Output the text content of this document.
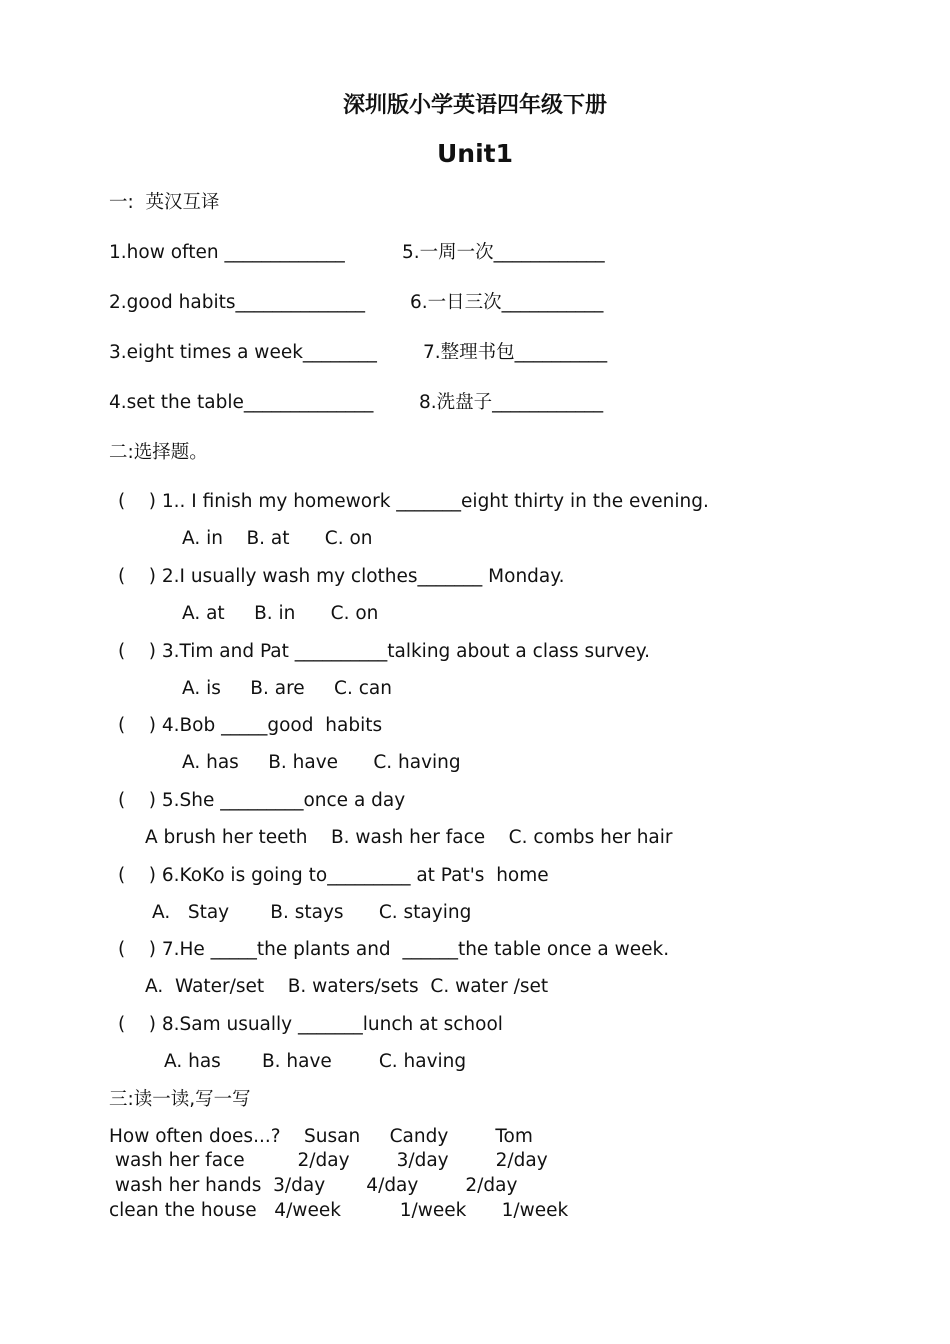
深圳版小学英语四年级下册
Unit1
一:  英汉互译
1.how often _____________	5.一周一次____________
2.good habits______________ 6.一日三次___________
3.eight times a week________ 7.整理书包__________
4.set the table______________ 8.洗盘子____________
二:选择题。
(    ) 1.. I finish my homework _______eight thirty in the evening.
A. in    B. at      C. on
(    ) 2.I usually wash my clothes_______ Monday.
A. at     B. in      C. on
(    ) 3.Tim and Pat __________talking about a class survey.
A. is     B. are     C. can
(    ) 4.Bob _____good  habits
A. has     B. have      C. having
(    ) 5.She _________once a day
A brush her teeth    B. wash her face    C. combs her hair
(    ) 6.KoKo is going to_________ at Pat's  home
A.   Stay       B. stays      C. staying
(    ) 7.He _____the plants and  ______the table once a week.
A.  Water/set    B. waters/sets  C. water /set
(    ) 8.Sam usually _______lunch at school
A. has       B. have        C. having
三:读一读,写一写
How often does...?    Susan     Candy        Tom
wash her face         2/day        3/day        2/day
wash her hands  3/day       4/day        2/day
clean the house   4/week          1/week      1/week
